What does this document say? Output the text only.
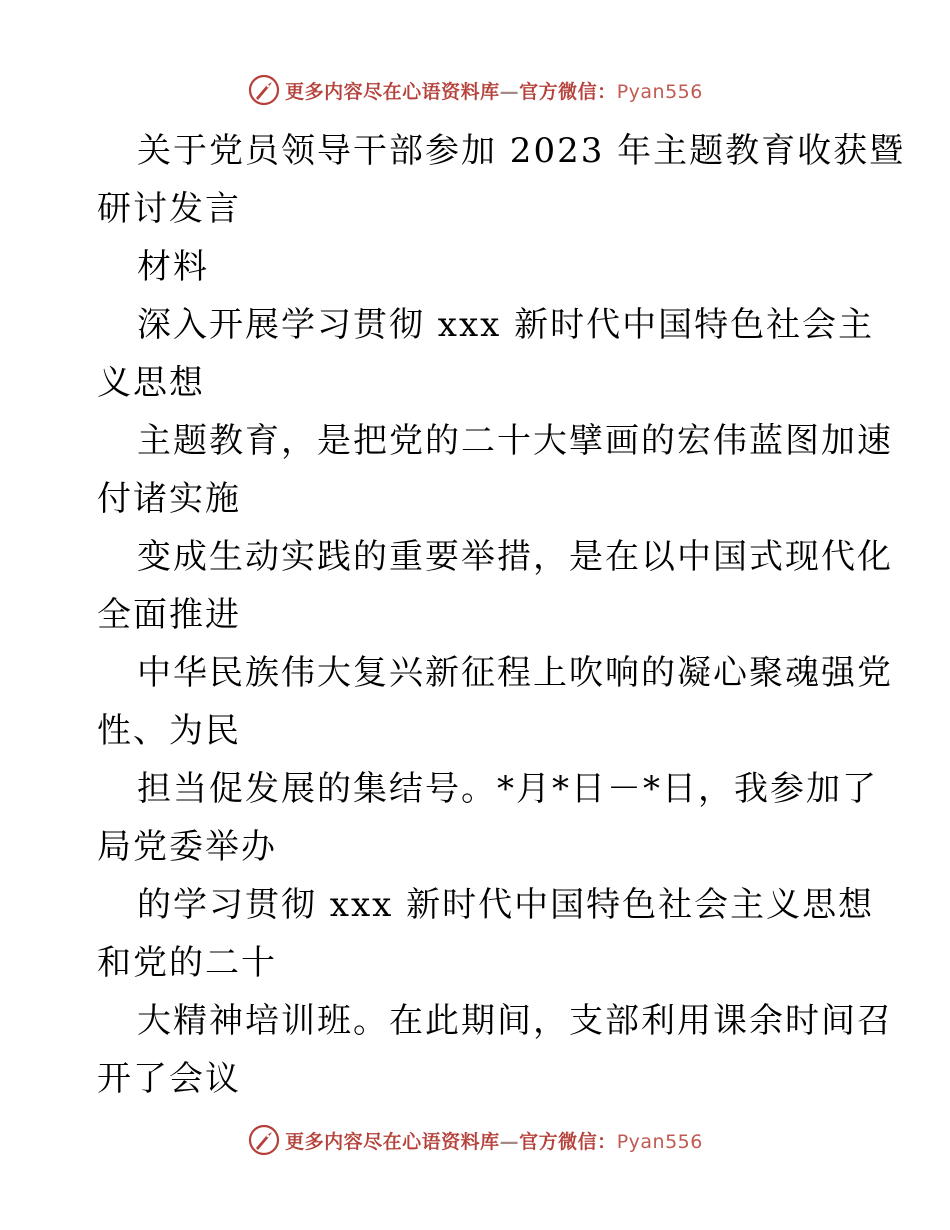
更多内容尽在心语资料库—官方微信：Pyan556
关于党员领导干部参加 2023 年主题教育收获暨
研讨发言
材料
深入开展学习贯彻 xxx 新时代中国特色社会主
义思想
主题教育，是把党的二十大擘画的宏伟蓝图加速
付诸实施
变成生动实践的重要举措，是在以中国式现代化
全面推进
中华民族伟大复兴新征程上吹响的凝心聚魂强党
性、为民
担当促发展的集结号。*月*日－*日，我参加了
局党委举办
的学习贯彻 xxx 新时代中国特色社会主义思想
和党的二十
大精神培训班。在此期间，支部利用课余时间召
开了会议
更多内容尽在心语资料库—官方微信：Pyan556
